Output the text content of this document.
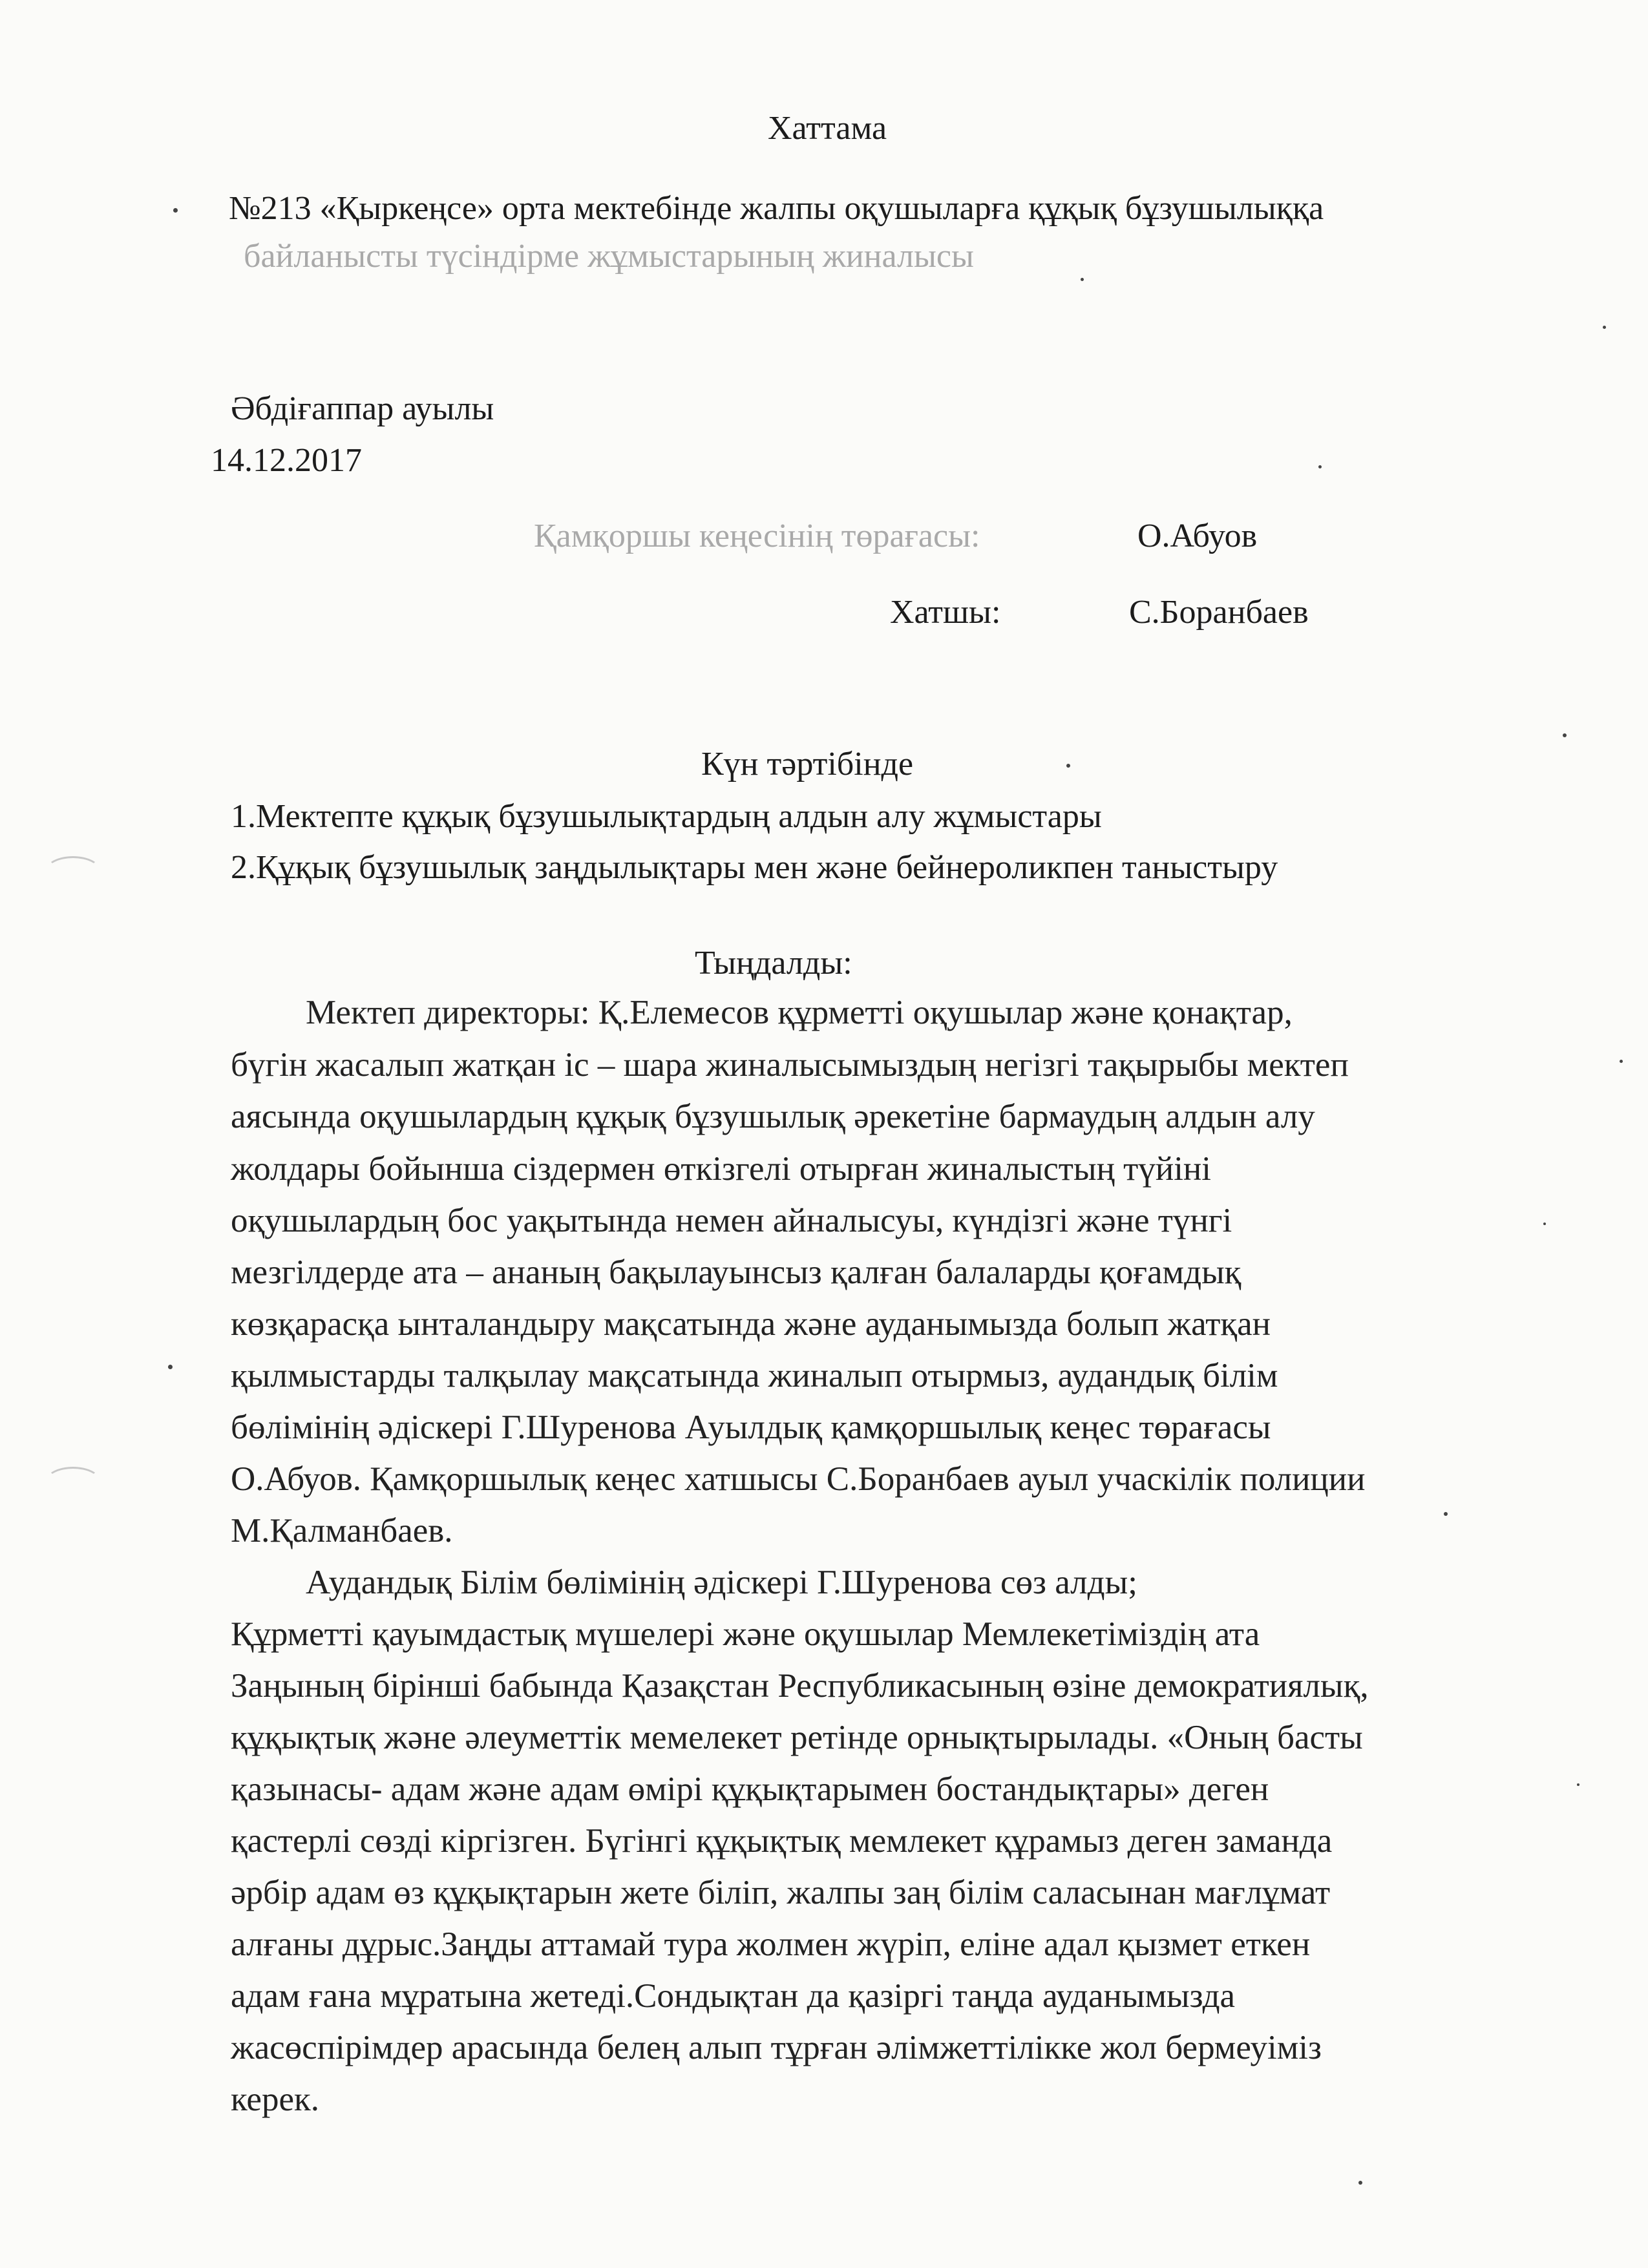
Хаттама
№213 «Қыркеңсе» орта мектебінде жалпы оқушыларға құқық бұзушылыққа
байланысты түсіндірме жұмыстарының жиналысы
Әбдіғаппар ауылы
14.12.2017
Қамқоршы кеңесінің төрағасы:	О.Абуов
Хатшы:	С.Боранбаев
Күн тәртібінде
1.Мектепте құқық бұзушылықтардың алдын алу жұмыстары
2.Құқық бұзушылық заңдылықтары мен және бейнероликпен таныстыру
Тыңдалды:
Мектеп директоры: Қ.Елемесов құрметті оқушылар және қонақтар,
бүгін жасалып жатқан іс – шара жиналысымыздың негізгі тақырыбы мектеп
аясында оқушылардың құқық бұзушылық әрекетіне бармаудың алдын алу
жолдары бойынша сіздермен өткізгелі отырған жиналыстың түйіні
оқушылардың бос уақытында немен айналысуы, күндізгі және түнгі
мезгілдерде ата – ананың бақылауынсыз қалған балаларды қоғамдық
көзқарасқа ынталандыру мақсатында және ауданымызда болып жатқан
қылмыстарды талқылау мақсатында жиналып отырмыз, аудандық білім
бөлімінің әдіскері Г.Шуренова Ауылдық қамқоршылық кеңес төрағасы
О.Абуов. Қамқоршылық кеңес хатшысы С.Боранбаев ауыл учаскілік полиции
М.Қалманбаев.
Аудандық Білім бөлімінің әдіскері Г.Шуренова сөз алды;
Құрметті қауымдастық мүшелері және оқушылар Мемлекетіміздің ата
Заңының бірінші бабында Қазақстан Республикасының өзіне демократиялық,
құқықтық және әлеуметтік мемелекет ретінде орнықтырылады. «Оның басты
қазынасы- адам және адам өмірі құқықтарымен бостандықтары» деген
қастерлі сөзді кіргізген. Бүгінгі құқықтық мемлекет құрамыз деген заманда
әрбір адам өз құқықтарын жете біліп, жалпы заң білім саласынан мағлұмат
алғаны дұрыс.Заңды аттамай тура жолмен жүріп, еліне адал қызмет еткен
адам ғана мұратына жетеді.Сондықтан да қазіргі таңда ауданымызда
жасөспірімдер арасында белең алып тұрған әлімжеттілікке жол бермеуіміз
керек.
